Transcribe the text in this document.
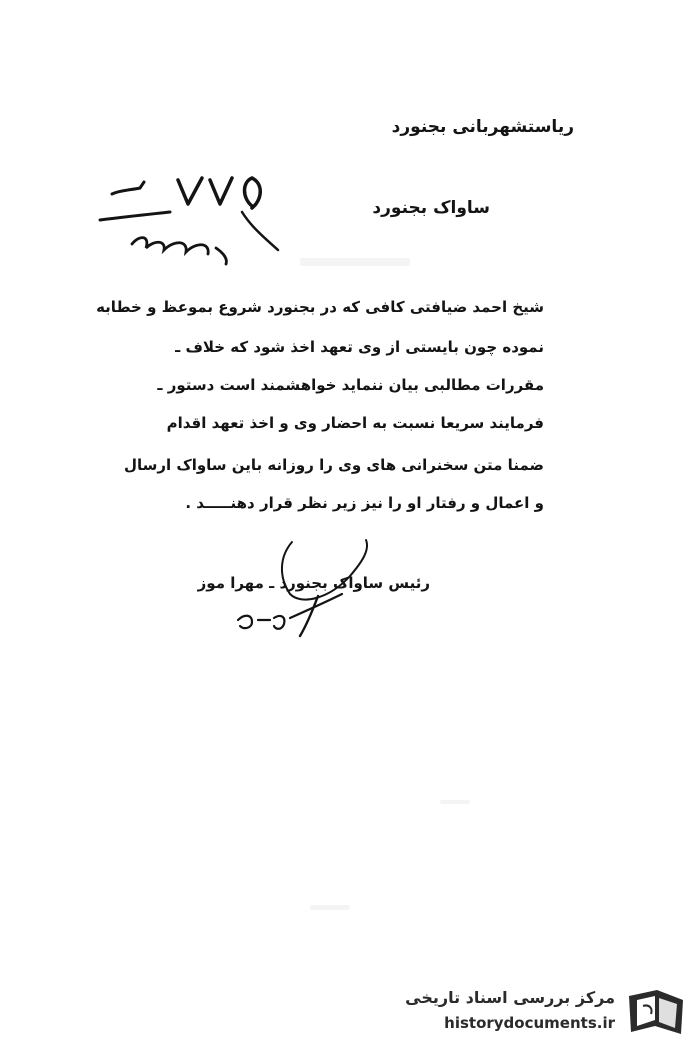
ریاستشهربانی بجنورد
ساواک بجنورد
شیخ احمد ضیافتی کافی که در بجنورد شروع بموعظ و خطابه
نموده چون بایستی از وی تعهد اخذ شود که خلاف ـ
مقررات مطالبی بیان ننماید خواهشمند است دستور ـ
فرمایند سریعا نسبت به احضار وی و اخذ تعهد اقدام
ضمنا متن سخنرانی های وی را روزانه باین ساواک ارسال
و اعمال و رفتار او را نیز زیر نظر قرار دهنـــــد .
رئیس ساواک بجنورد ـ مهرا موز
مرکز بررسی اسناد تاریخی
historydocuments.ir
